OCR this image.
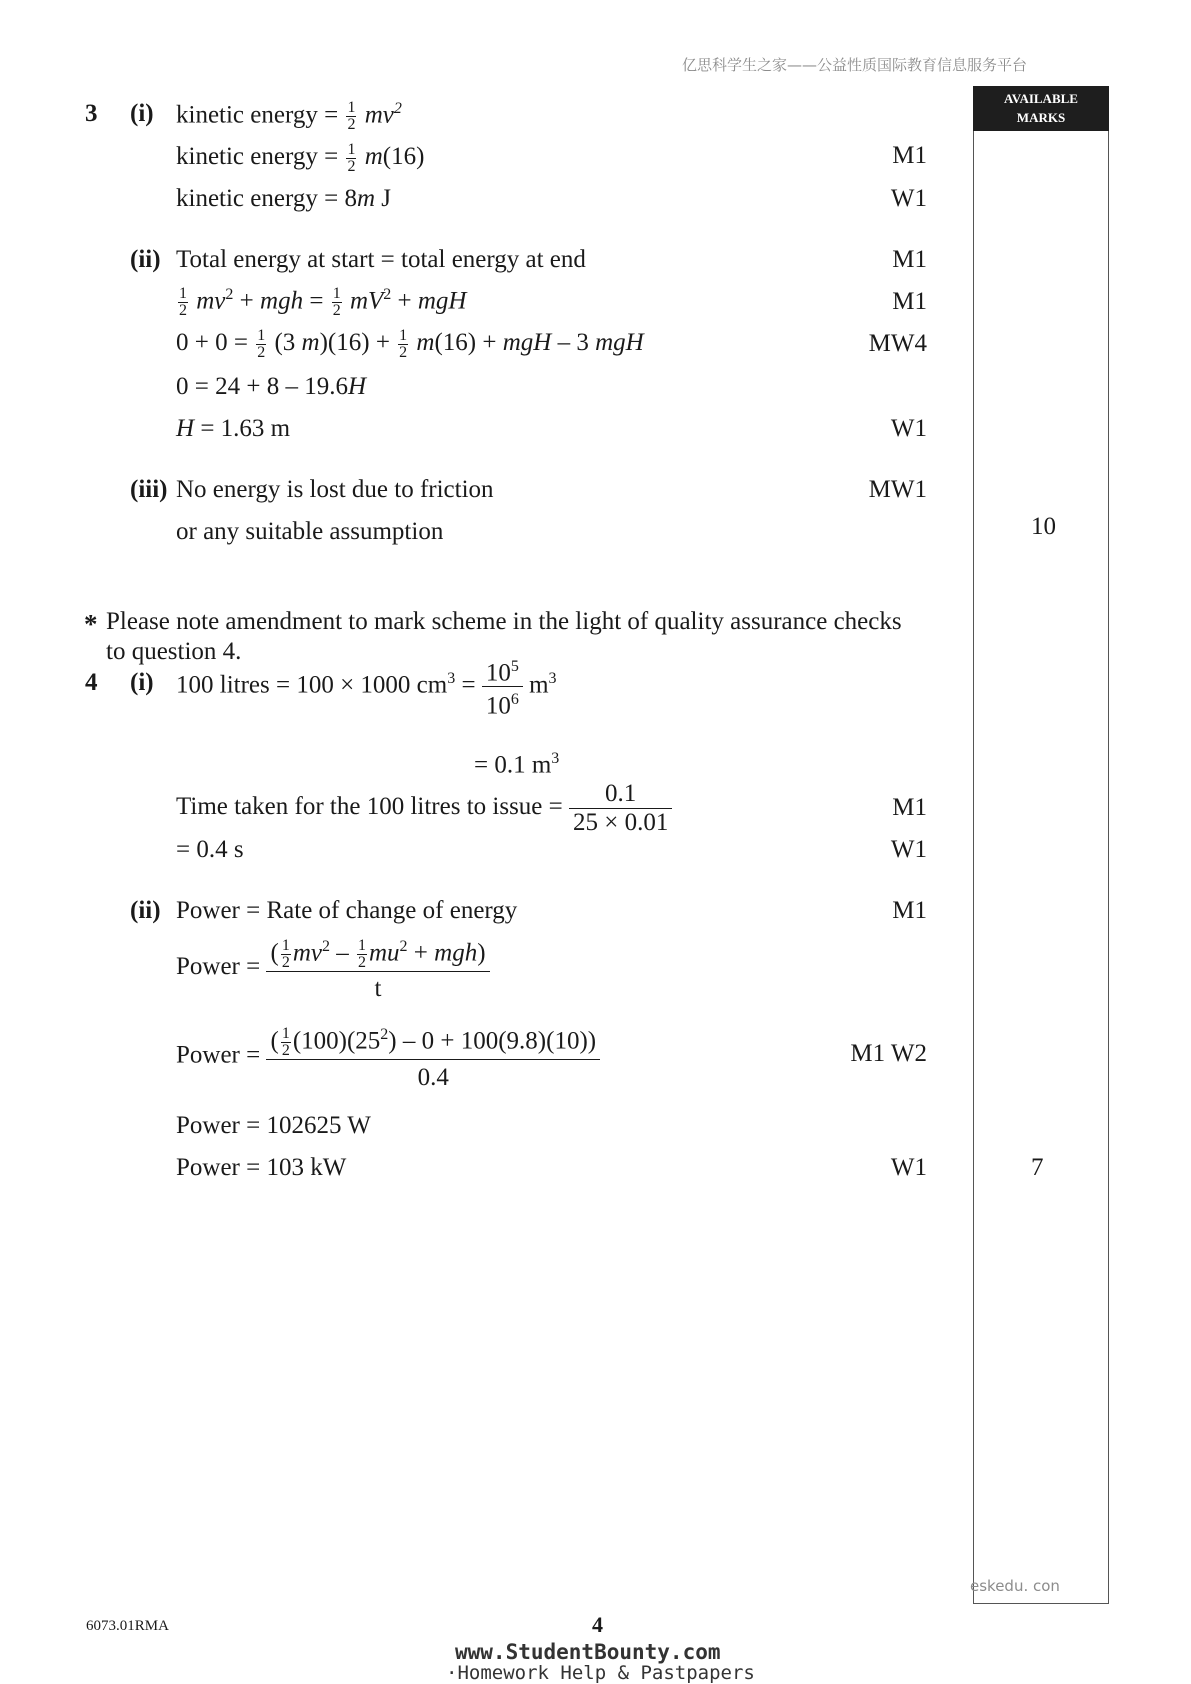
亿思科学生之家——公益性质国际教育信息服务平台
AVAILABLE
MARKS
3 (i) kinetic energy = $\frac{1}{2} mv^2$
kinetic energy = $\frac{1}{2} m(16)$	M1
kinetic energy = 8m J	W1
(ii) Total energy at start = total energy at end	M1
$\frac{1}{2} mv^2$ + mgh = $\frac{1}{2} mV^2$ + mgH	M1
$0 + 0 = \frac{1}{2} (3$ $m)(16) + \frac{1}{2} m(16)$ + mgH – 3 mgH	MW4
0 = 24 + 8 – 19.6H
H = 1.63 m	W1
(iii) No energy is lost due to friction	MW1
or any suitable assumption	10
* Please note amendment to mark scheme in the light of quality assurance checks
to question 4.
4 (i) 100 litres = 100 × 1000 $cm^3 = \frac{10^5}{10^6} m^3$
= 0.1 $m^3$
Time taken for the 100 litres to issue = $\frac{0.1}{25 \times 0.01}$	M1
= 0.4 s	W1
(ii) Power = Rate of change of energy	M1
Power = ( $\frac{1}{2} mv^2 - \frac{1}{2} mu^2 + mgh$)
t
Power = $\frac{( \frac{1}{2} (100)(25^2) - 0 + 100(9.8)(10))}{0.4}$	M1 W2
Power = 102625 W
Power = 103 kW	W1	7
eskedu. con
6073.01RMA	4
www.StudentBounty.com
·Homework Help & Pastpapers
